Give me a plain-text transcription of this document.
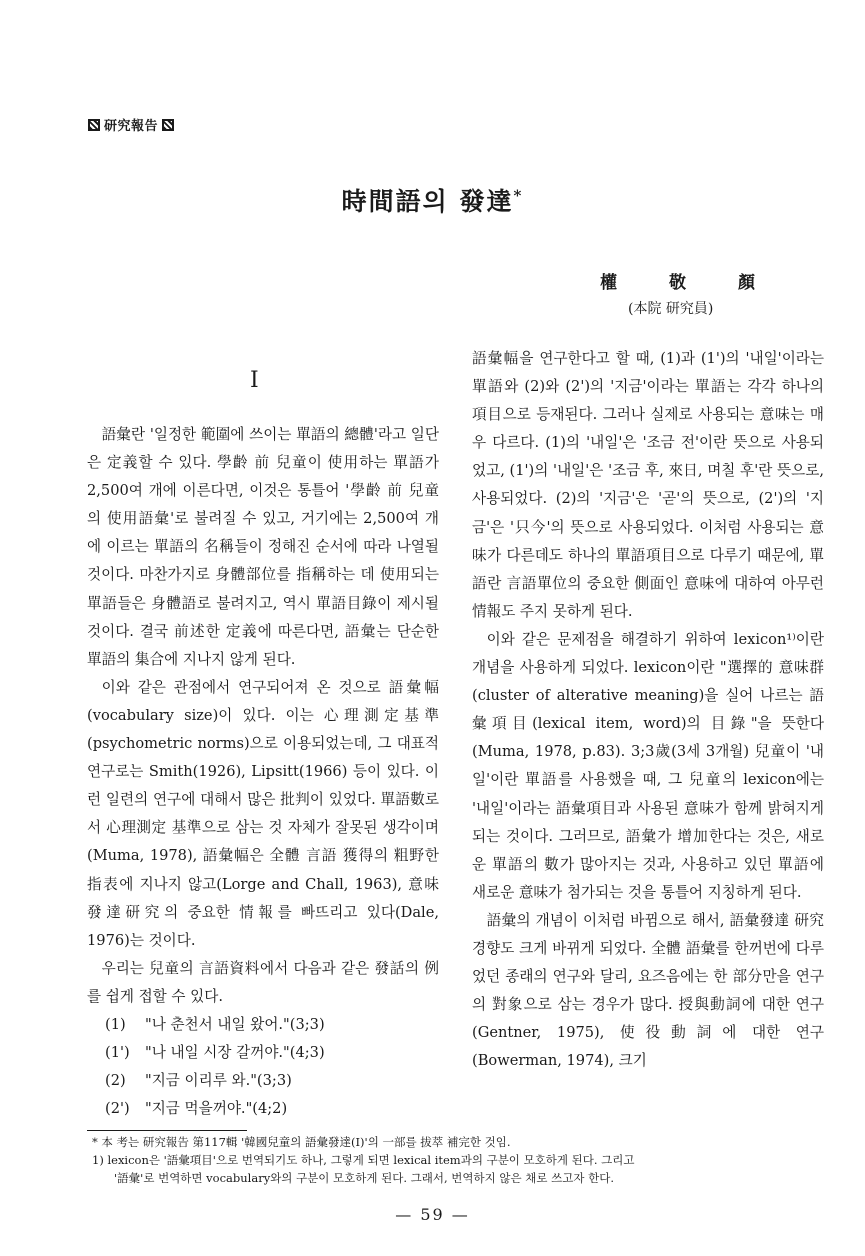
研究報告
時間語의 發達*
權	敬	顏
(本院 研究員)
I

語彙란 '일정한 範圍에 쓰이는 單語의 總體'라고 일단은 定義할 수 있다. 學齡 前 兒童이 使用하는 單語가 2,500여 개에 이른다면, 이것은 통틀어 '學齡 前 兒童의 使用語彙'로 불려질 수 있고, 거기에는 2,500여 개에 이르는 單語의 名稱들이 정해진 순서에 따라 나열될 것이다. 마찬가지로 身體部位를 指稱하는 데 使用되는 單語들은 身體語로 불려지고, 역시 單語目錄이 제시될 것이다. 결국 前述한 定義에 따른다면, 語彙는 단순한 單語의 集合에 지나지 않게 된다.

이와 같은 관점에서 연구되어져 온 것으로 語彙幅 (vocabulary size)이 있다. 이는 心理測定基準(psychometric norms)으로 이용되었는데, 그 대표적 연구로는 Smith(1926), Lipsitt(1966) 등이 있다. 이런 일련의 연구에 대해서 많은 批判이 있었다. 單語數로서 心理測定 基準으로 삼는 것 자체가 잘못된 생각이며(Muma, 1978), 語彙幅은 全體 言語 獲得의 粗野한 指表에 지나지 않고(Lorge and Chall, 1963), 意味發達研究의 중요한 情報를 빠뜨리고 있다(Dale, 1976)는 것이다.

우리는 兒童의 言語資料에서 다음과 같은 發話의 例를 쉽게 접할 수 있다.

(1) "나 춘천서 내일 왔어."(3;3)

(1') "나 내일 시장 갈꺼야."(4;3)

(2) "지금 이리루 와."(3;3)

(2') "지금 먹을꺼야."(4;2)

語彙幅을 연구한다고 할 때, (1)과 (1')의 '내일'이라는 單語와 (2)와 (2')의 '지금'이라는 單語는 각각 하나의 項目으로 등재된다. 그러나 실제로 사용되는 意味는 매우 다르다. (1)의 '내일'은 '조금 전'이란 뜻으로 사용되었고, (1')의 '내일'은 '조금 후, 來日, 며칠 후'란 뜻으로, 사용되었다. (2)의 '지금'은 '곧'의 뜻으로, (2')의 '지금'은 '只今'의 뜻으로 사용되었다. 이처럼 사용되는 意味가 다른데도 하나의 單語項目으로 다루기 때문에, 單語란 言語單位의 중요한 側面인 意味에 대하여 아무런 情報도 주지 못하게 된다.

이와 같은 문제점을 해결하기 위하여 lexicon¹⁾이란 개념을 사용하게 되었다. lexicon이란 "選擇的 意味群(cluster of alterative meaning)을 실어 나르는 語彙項目(lexical item, word)의 目錄"을 뜻한다(Muma, 1978, p.83). 3;3歲(3세 3개월) 兒童이 '내일'이란 單語를 사용했을 때, 그 兒童의 lexicon에는 '내일'이라는 語彙項目과 사용된 意味가 함께 밝혀지게 되는 것이다. 그러므로, 語彙가 增加한다는 것은, 새로운 單語의 數가 많아지는 것과, 사용하고 있던 單語에 새로운 意味가 첨가되는 것을 통틀어 지칭하게 된다.

語彙의 개념이 이처럼 바뀜으로 해서, 語彙發達 研究 경향도 크게 바뀌게 되었다. 全體 語彙를 한꺼번에 다루었던 종래의 연구와 달리, 요즈음에는 한 部分만을 연구의 對象으로 삼는 경우가 많다. 授與動詞에 대한 연구(Gentner, 1975), 使役動詞에 대한 연구(Bowerman, 1974), 크기

* 本 考는 研究報告 第117輯 '韓國兒童의 語彙發達(I)'의 一部를 拔萃 補完한 것임.
1) lexicon은 '語彙項目'으로 번역되기도 하나, 그렇게 되면 lexical item과의 구분이 모호하게 된다. 그리고
'語彙'로 번역하면 vocabulary와의 구분이 모호하게 된다. 그래서, 번역하지 않은 채로 쓰고자 한다.
— 59 —
